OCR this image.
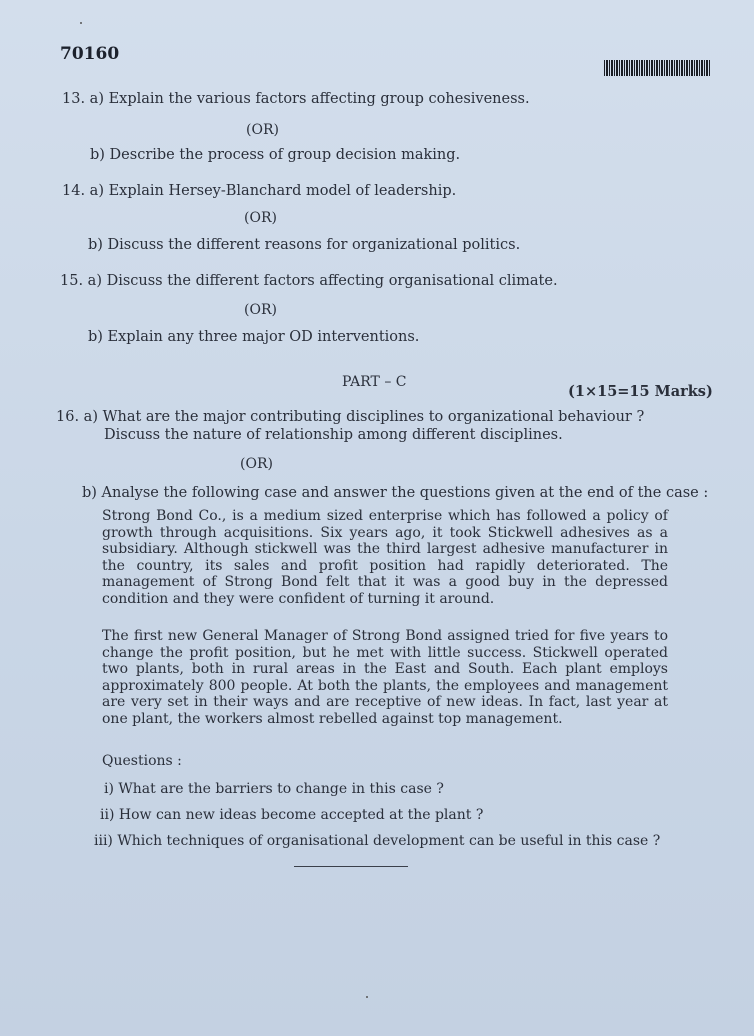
70160
13. a) Explain the various factors affecting group cohesiveness.
(OR)
b) Describe the process of group decision making.
14. a) Explain Hersey-Blanchard model of leadership.
(OR)
b) Discuss the different reasons for organizational politics.
15. a) Discuss the different factors affecting organisational climate.
(OR)
b) Explain any three major OD interventions.
PART – C
(1×15=15 Marks)
16. a) What are the major contributing disciplines to organizational behaviour ?
Discuss the nature of relationship among different disciplines.
(OR)
b) Analyse the following case and answer the questions given at the end of the case :
Strong Bond Co., is a medium sized enterprise which has followed a policy of growth through acquisitions. Six years ago, it took Stickwell adhesives as a subsidiary. Although stickwell was the third largest adhesive manufacturer in the country, its sales and profit position had rapidly deteriorated. The management of Strong Bond felt that it was a good buy in the depressed condition and they were confident of turning it around.
The first new General Manager of Strong Bond assigned tried for five years to change the profit position, but he met with little success. Stickwell operated two plants, both in rural areas in the East and South. Each plant employs approximately 800 people. At both the plants, the employees and management are very set in their ways and are receptive of new ideas. In fact, last year at one plant, the workers almost rebelled against top management.
Questions :
i) What are the barriers to change in this case ?
ii) How can new ideas become accepted at the plant ?
iii) Which techniques of organisational development can be useful in this case ?
